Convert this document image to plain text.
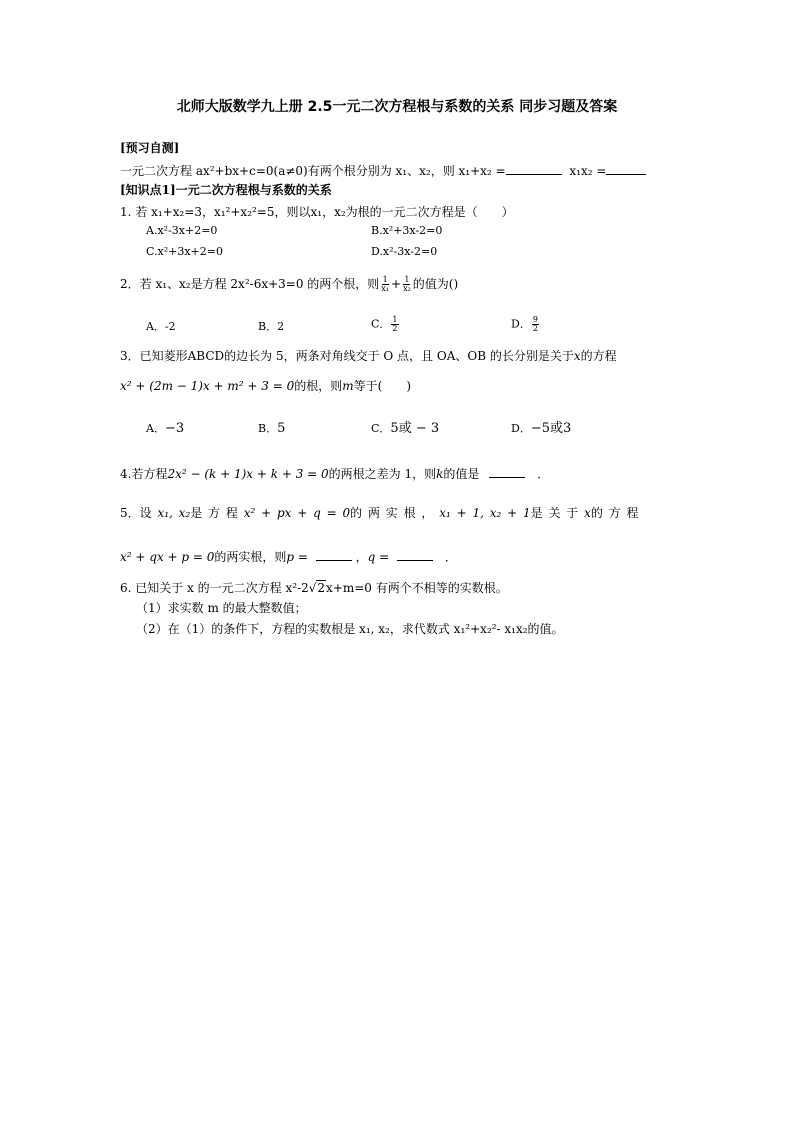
北师大版数学九上册 2.5一元二次方程根与系数的关系 同步习题及答案
[预习自测]
一元二次方程 ax²+bx+c=0(a≠0)有两个根分别为 x₁、x₂，则 x₁+x₂ =	x₁x₂ =
[知识点1]一元二次方程根与系数的关系
1. 若 x₁+x₂=3，x₁²+x₂²=5，则以x₁，x₂为根的一元二次方程是（　　）
A.x²-3x+2=0	B.x²+3x-2=0
C.x²+3x+2=0	D.x²-3x-2=0
2．若 x₁、x₂是方程 2x²-6x+3=0 的两个根，则 $\frac{1}{\text{x₁}} + \frac{1}{\text{x₂}}$ 的值为()
A．-2	B．2	C． $\frac{1}{2}$	D． $\frac{9}{2}$
3．已知菱形ABCD的边长为 5，两条对角线交于 O 点，且 OA、OB 的长分别是关于x的方程
x² + (2m − 1)x + m² + 3 = 0的根，则m等于(　　)
A．−3	B．5	C．5或 − 3	D．−5或3
4.若方程2x² − (k + 1)x + k + 3 = 0的两根之差为 1，则k的值是	．
5．设 x₁, x₂是 方 程 x² + px + q = 0的 两 实 根 ， x₁ + 1, x₂ + 1是 关 于 x的 方 程
x² + qx + p = 0的两实根，则p =	，q =	．
6. 已知关于 x 的一元二次方程 x²-2√2x+m=0 有两个不相等的实数根。
（1）求实数 m 的最大整数值；
（2）在（1）的条件下，方程的实数根是 x₁, x₂，求代数式 x₁²+x₂²- x₁x₂的值。
